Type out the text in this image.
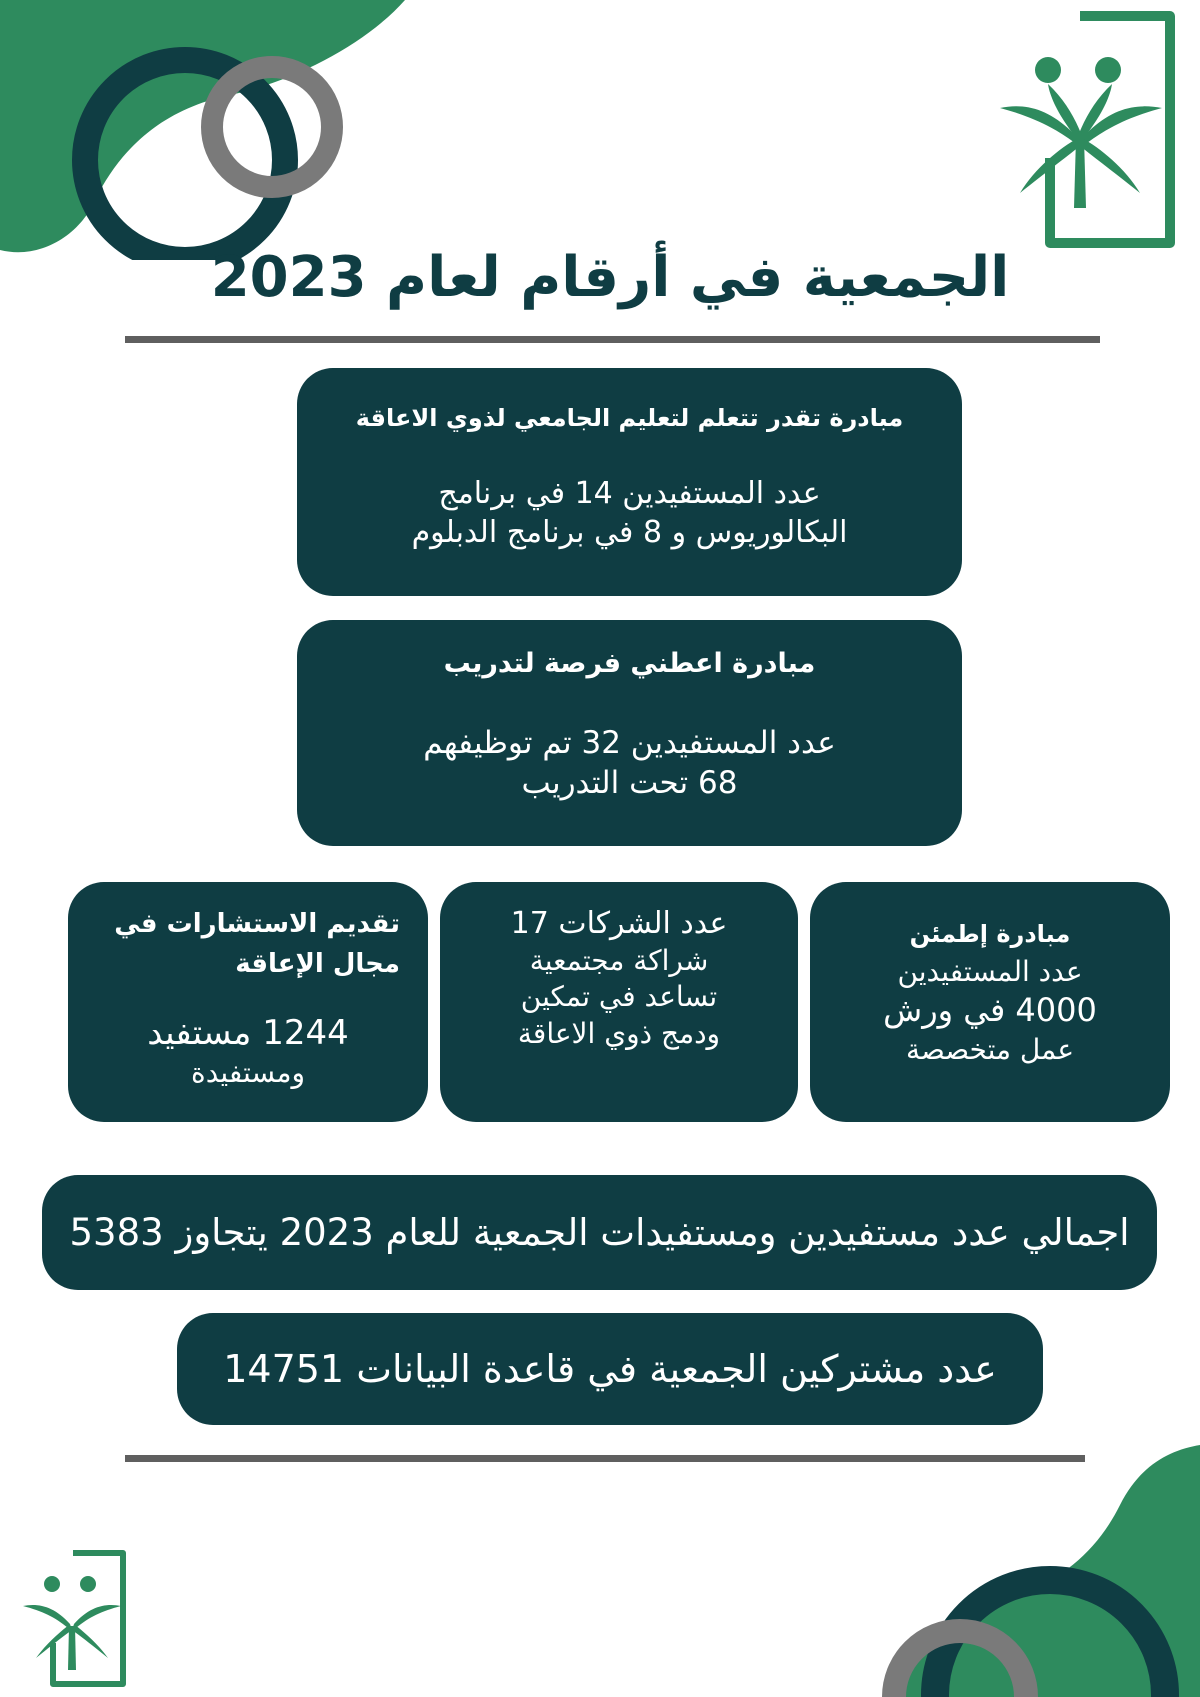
الجمعية في أرقام لعام 2023
مبادرة تقدر تتعلم لتعليم الجامعي لذوي الاعاقة
عدد المستفيدين 14 في برنامج
البكالوريوس و 8 في برنامج الدبلوم
مبادرة اعطني فرصة لتدريب
عدد المستفيدين 32 تم توظيفهم
68 تحت التدريب
مبادرة إطمئن
عدد المستفيدين
4000 في ورش
عمل متخصصة
عدد الشركات 17
شراكة مجتمعية
تساعد في تمكين
ودمج ذوي الاعاقة
تقديم الاستشارات في مجال الإعاقة
1244 مستفيد
ومستفيدة
اجمالي عدد مستفيدين ومستفيدات الجمعية للعام 2023 يتجاوز 5383
عدد مشتركين الجمعية في قاعدة البيانات 14751
